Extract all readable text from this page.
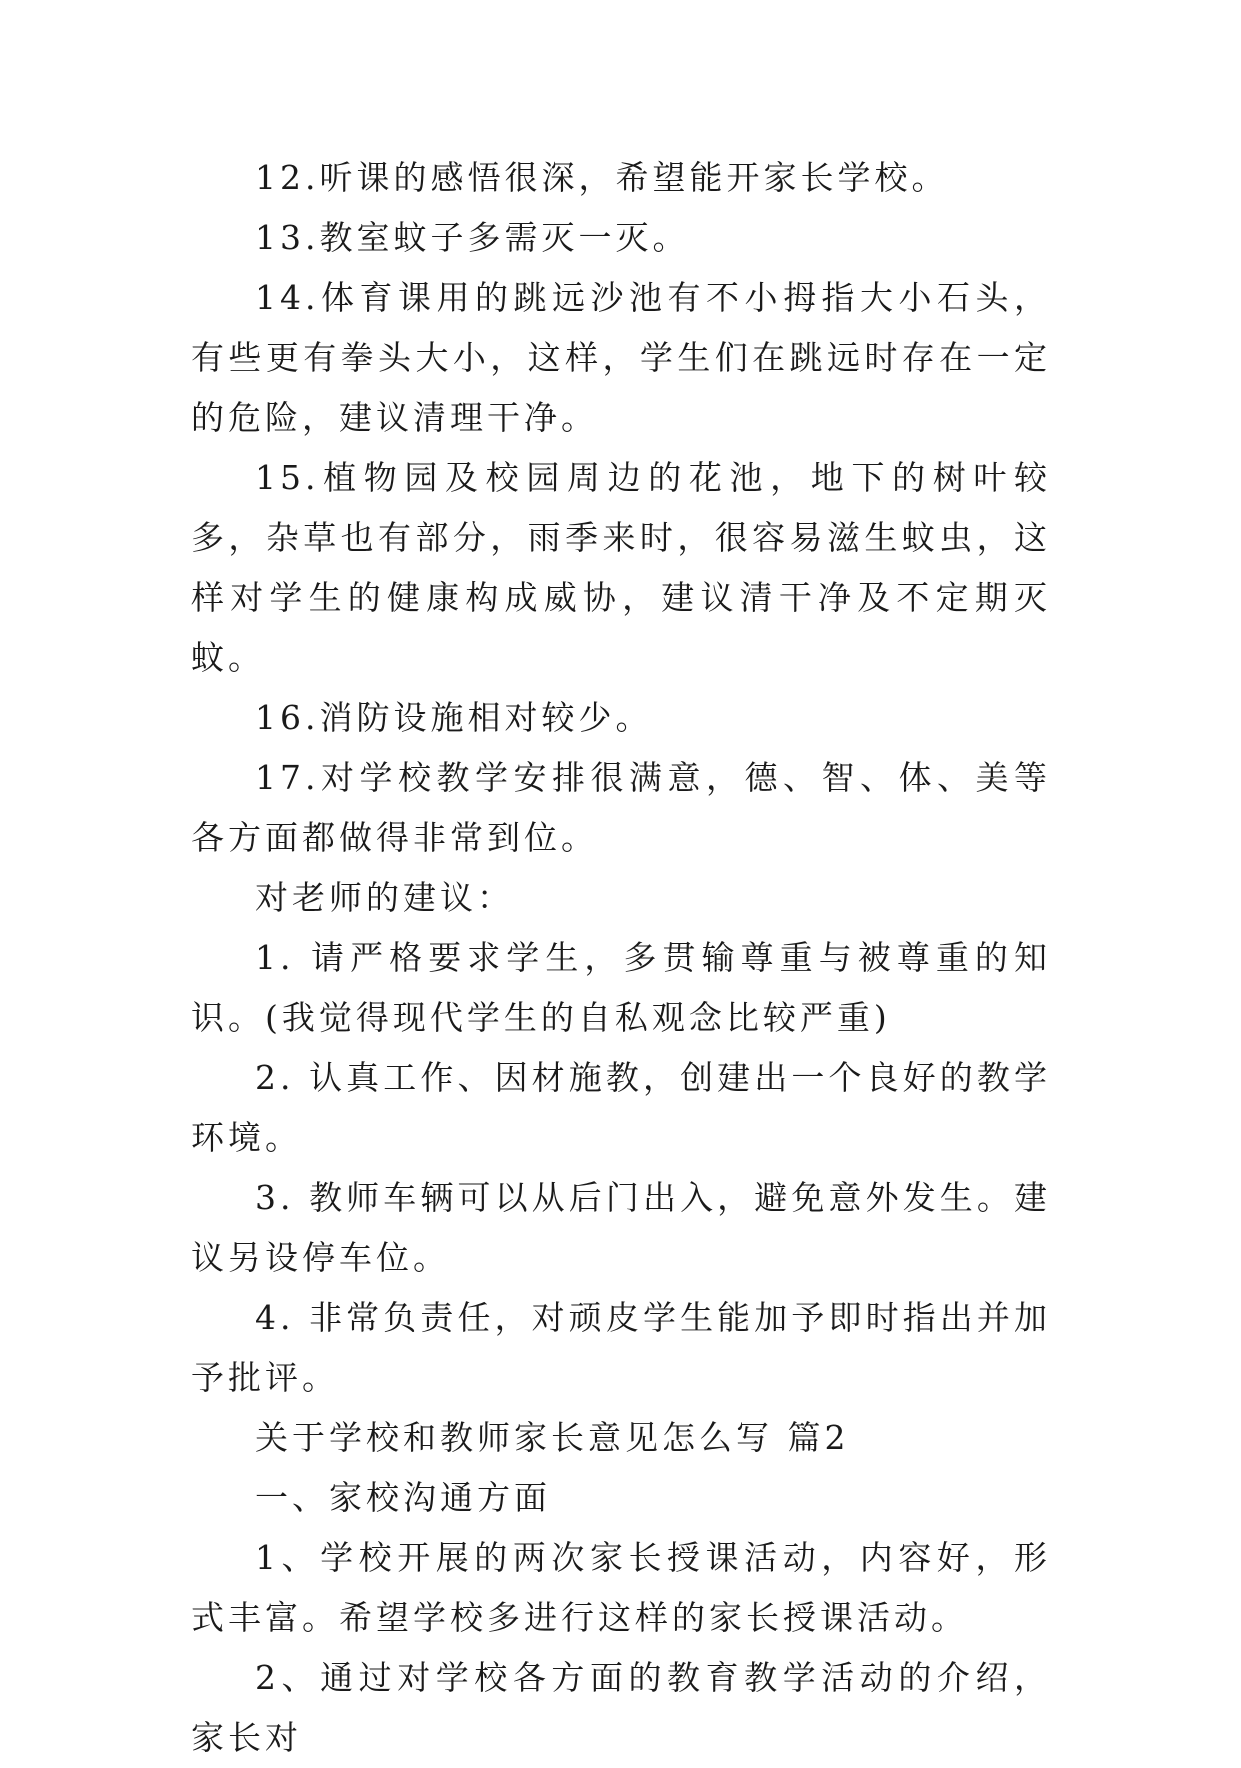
12.听课的感悟很深，希望能开家长学校。

13.教室蚊子多需灭一灭。

14.体育课用的跳远沙池有不小拇指大小石头，有些更有拳头大小，这样，学生们在跳远时存在一定的危险，建议清理干净。

15.植物园及校园周边的花池，地下的树叶较多，杂草也有部分，雨季来时，很容易滋生蚊虫，这样对学生的健康构成威协，建议清干净及不定期灭蚊。

16.消防设施相对较少。

17.对学校教学安排很满意，德、智、体、美等各方面都做得非常到位。

对老师的建议：

1. 请严格要求学生，多贯输尊重与被尊重的知识。(我觉得现代学生的自私观念比较严重)

2. 认真工作、因材施教，创建出一个良好的教学环境。

3. 教师车辆可以从后门出入，避免意外发生。建议另设停车位。

4. 非常负责任，对顽皮学生能加予即时指出并加予批评。

关于学校和教师家长意见怎么写 篇2

一、家校沟通方面

1、学校开展的两次家长授课活动，内容好，形式丰富。希望学校多进行这样的家长授课活动。

2、通过对学校各方面的教育教学活动的介绍，家长对
